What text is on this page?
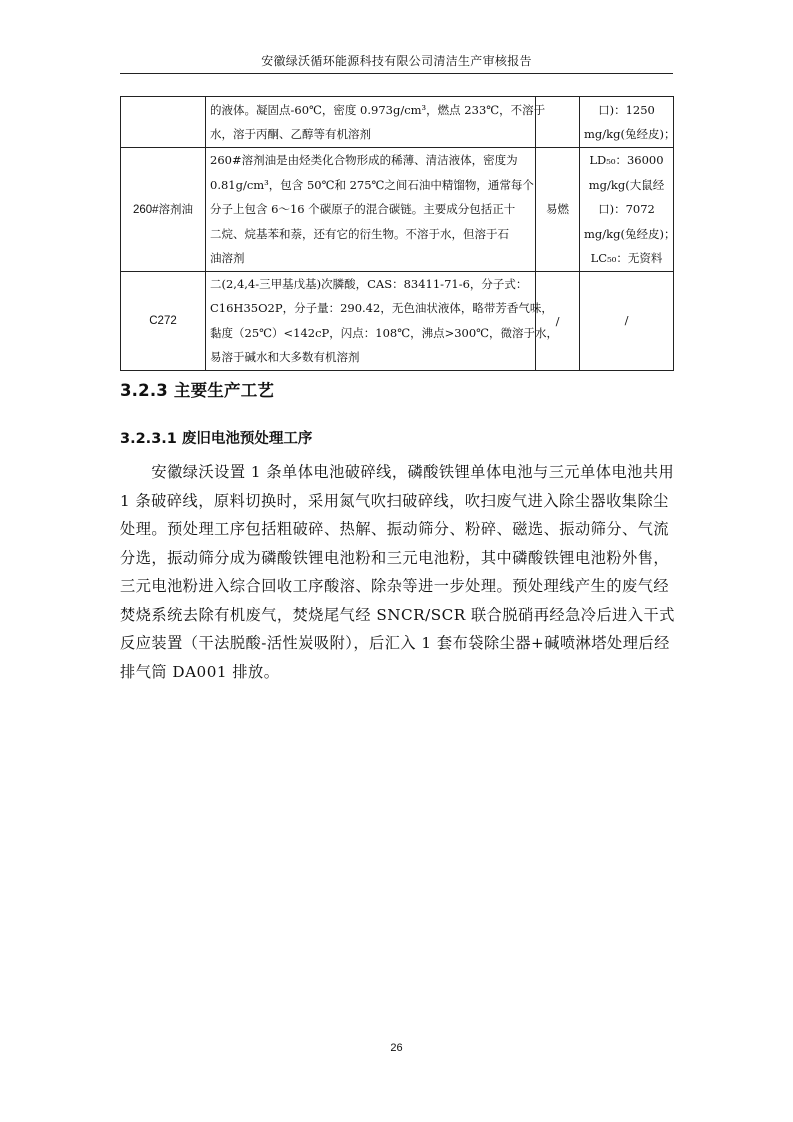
安徽绿沃循环能源科技有限公司清洁生产审核报告

	的液体。凝固点-60℃，密度 0.973g/cm³，燃点 233℃，不溶于
水，溶于丙酮、乙醇等有机溶剂		口)：1250
mg/kg(兔经皮)；

260#溶剂油	260#溶剂油是由烃类化合物形成的稀薄、清洁液体，密度为
0.81g/cm³，包含 50℃和 275℃之间石油中精馏物，通常每个
分子上包含 6～16 个碳原子的混合碳链。主要成分包括正十
二烷、烷基苯和萘，还有它的衍生物。不溶于水，但溶于石
油溶剂	易燃	LD₅₀：36000
mg/kg(大鼠经
口)：7072
mg/kg(兔经皮)；
LC₅₀：无资料

C272	二(2,4,4-三甲基戊基)次膦酸，CAS：83411-71-6，分子式：
C16H35O2P，分子量：290.42，无色油状液体，略带芳香气味，
黏度（25℃）<142cP，闪点：108℃，沸点>300℃，微溶于水，
易溶于碱水和大多数有机溶剂	/	/
3.2.3 主要生产工艺
3.2.3.1 废旧电池预处理工序
　　安徽绿沃设置 1 条单体电池破碎线，磷酸铁锂单体电池与三元单体电池共用
1 条破碎线，原料切换时，采用氮气吹扫破碎线，吹扫废气进入除尘器收集除尘
处理。预处理工序包括粗破碎、热解、振动筛分、粉碎、磁选、振动筛分、气流
分选，振动筛分成为磷酸铁锂电池粉和三元电池粉，其中磷酸铁锂电池粉外售，
三元电池粉进入综合回收工序酸溶、除杂等进一步处理。预处理线产生的废气经
焚烧系统去除有机废气，焚烧尾气经 SNCR/SCR 联合脱硝再经急冷后进入干式
反应装置（干法脱酸-活性炭吸附），后汇入 1 套布袋除尘器+碱喷淋塔处理后经
排气筒 DA001 排放。
26
